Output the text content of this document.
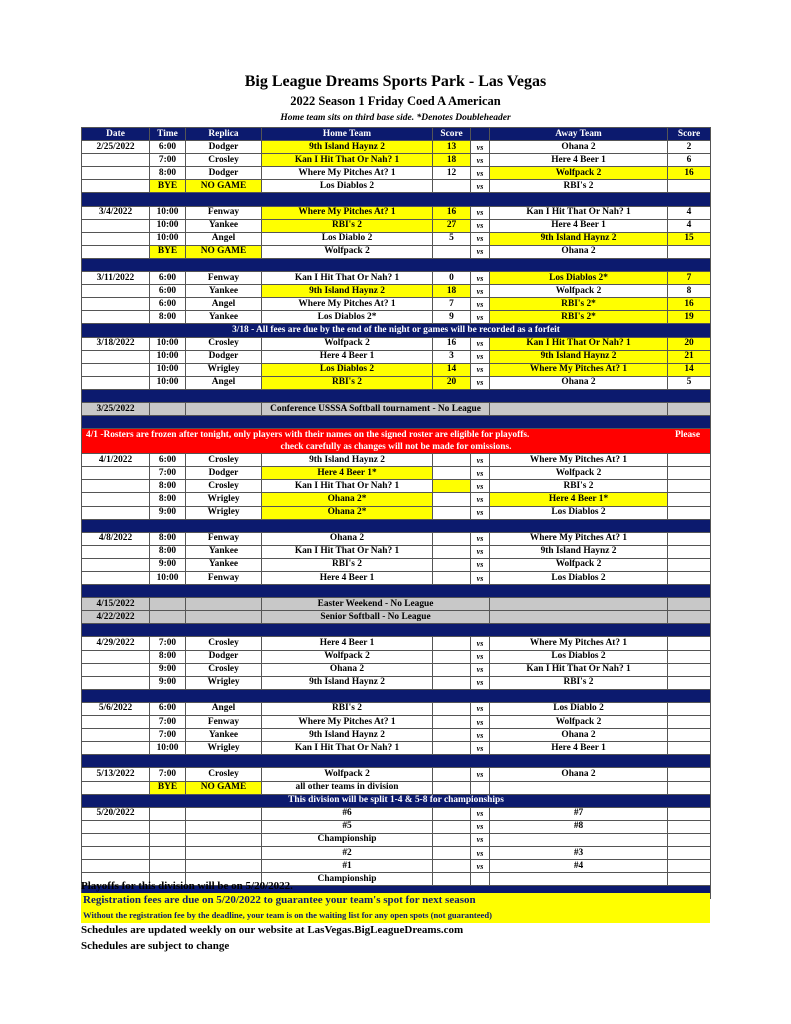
Big League Dreams Sports Park - Las Vegas
2022 Season 1 Friday Coed A American
Home team sits on third base side. *Denotes Doubleheader
Date	Time	Replica	Home Team	Score		Away Team	Score
2/25/2022	6:00	Dodger	9th Island Haynz 2	13	vs	Ohana 2	2
	7:00	Crosley	Kan I Hit That Or Nah? 1	18	vs	Here 4 Beer 1	6
	8:00	Dodger	Where My Pitches At? 1	12	vs	Wolfpack 2	16
	BYE	NO GAME	Los Diablos 2		vs	RBI's 2	

3/4/2022	10:00	Fenway	Where My Pitches At? 1	16	vs	Kan I Hit That Or Nah? 1	4
	10:00	Yankee	RBI's 2	27	vs	Here 4 Beer 1	4
	10:00	Angel	Los Diablo 2	5	vs	9th Island Haynz 2	15
	BYE	NO GAME	Wolfpack 2		vs	Ohana 2	

3/11/2022	6:00	Fenway	Kan I Hit That Or Nah? 1	0	vs	Los Diablos 2*	7
	6:00	Yankee	9th Island Haynz 2	18	vs	Wolfpack 2	8
	6:00	Angel	Where My Pitches At? 1	7	vs	RBI's 2*	16
	8:00	Yankee	Los Diablos 2*	9	vs	RBI's 2*	19
3/18 - All fees are due by the end of the night or games will be recorded as a forfeit							
3/18/2022	10:00	Crosley	Wolfpack 2	16	vs	Kan I Hit That Or Nah? 1	20
	10:00	Dodger	Here 4 Beer 1	3	vs	9th Island Haynz 2	21
	10:00	Wrigley	Los Diablos 2	14	vs	Where My Pitches At? 1	14
	10:00	Angel	RBI's 2	20	vs	Ohana 2	5

3/25/2022			Conference USSSA Softball tournament - No League				

4/1 -Rosters are frozen after tonight, only players with their names on the signed roster are eligible for playoffs. Please
check carefully as changes will not be made for omissions.							

4/1/2022	6:00	Crosley	9th Island Haynz 2		vs	Where My Pitches At? 1	
	7:00	Dodger	Here 4 Beer 1*		vs	Wolfpack 2	
	8:00	Crosley	Kan I Hit That Or Nah? 1		vs	RBI's 2	
	8:00	Wrigley	Ohana 2*		vs	Here 4 Beer 1*	
	9:00	Wrigley	Ohana 2*		vs	Los Diablos 2	

4/8/2022	8:00	Fenway	Ohana 2		vs	Where My Pitches At? 1	
	8:00	Yankee	Kan I Hit That Or Nah? 1		vs	9th Island Haynz 2	
	9:00	Yankee	RBI's 2		vs	Wolfpack 2	
	10:00	Fenway	Here 4 Beer 1		vs	Los Diablos 2	

4/15/2022			Easter Weekend - No League				
4/22/2022			Senior Softball - No League				

4/29/2022	7:00	Crosley	Here 4 Beer 1		vs	Where My Pitches At? 1	
	8:00	Dodger	Wolfpack 2		vs	Los Diablos 2	
	9:00	Crosley	Ohana 2		vs	Kan I Hit That Or Nah? 1	
	9:00	Wrigley	9th Island Haynz 2		vs	RBI's 2	

5/6/2022	6:00	Angel	RBI's 2		vs	Los Diablo 2	
	7:00	Fenway	Where My Pitches At? 1		vs	Wolfpack 2	
	7:00	Yankee	9th Island Haynz 2		vs	Ohana 2	
	10:00	Wrigley	Kan I Hit That Or Nah? 1		vs	Here 4 Beer 1	

5/13/2022	7:00	Crosley	Wolfpack 2		vs	Ohana 2	
	BYE	NO GAME	all other teams in division				
This division will be split 1-4 & 5-8 for championships							
5/20/2022			#6		vs	#7	
			#5		vs	#8	
			Championship		vs		
			#2		vs	#3	
			#1		vs	#4	
			Championship				

Playoffs for this division will be on 5/20/2022.
Registration fees are due on 5/20/2022 to guarantee your team's spot for next season
Without the registration fee by the deadline, your team is on the waiting list for any open spots (not guaranteed)
Schedules are updated weekly on our website at LasVegas.BigLeagueDreams.com
Schedules are subject to change
